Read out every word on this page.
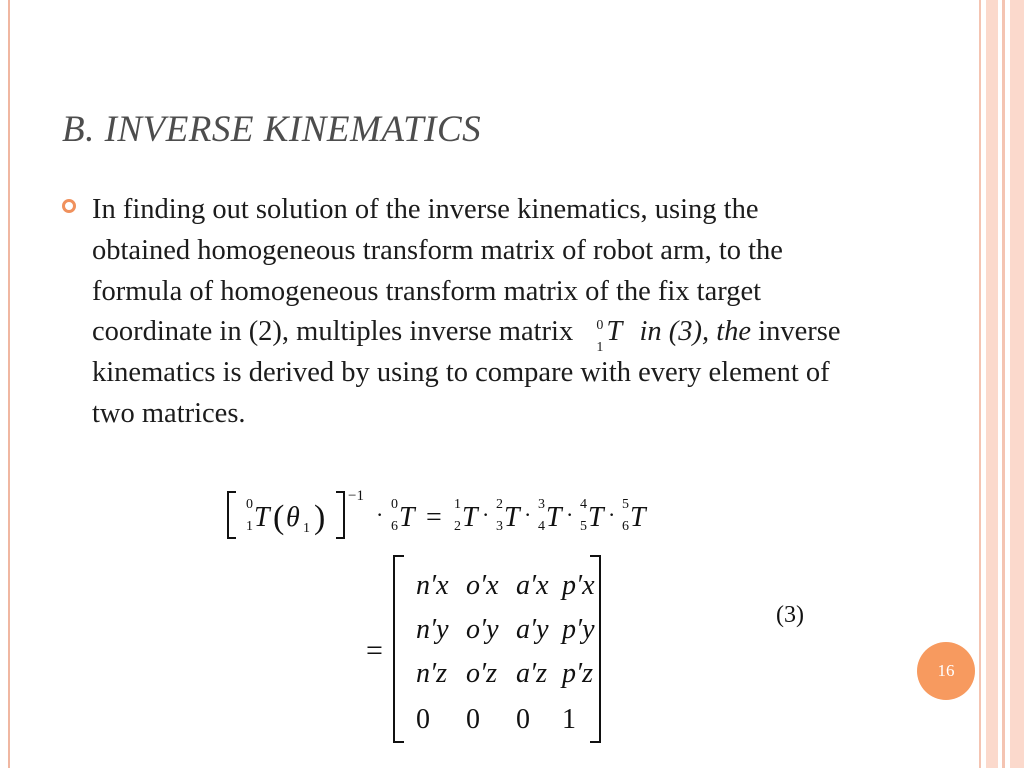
B. INVERSE KINEMATICS

In finding out solution of the inverse kinematics, using the obtained homogeneous transform matrix of robot arm, to the formula of homogeneous transform matrix of the fix target coordinate in (2), multiples inverse matrix 0
1
T in (3), the inverse kinematics is derived by using to compare with every element of two matrices.

0
1 T ( θ 1 )
−1
· 0
6 T = 1
2 T · 2
3 T · 3
4 T · 4
5 T · 5
6 T
=
n′x o′x a′x p′x
n′y o′y a′y p′y
n′z o′z a′z p′z
0 0 0 1
(3)
16
